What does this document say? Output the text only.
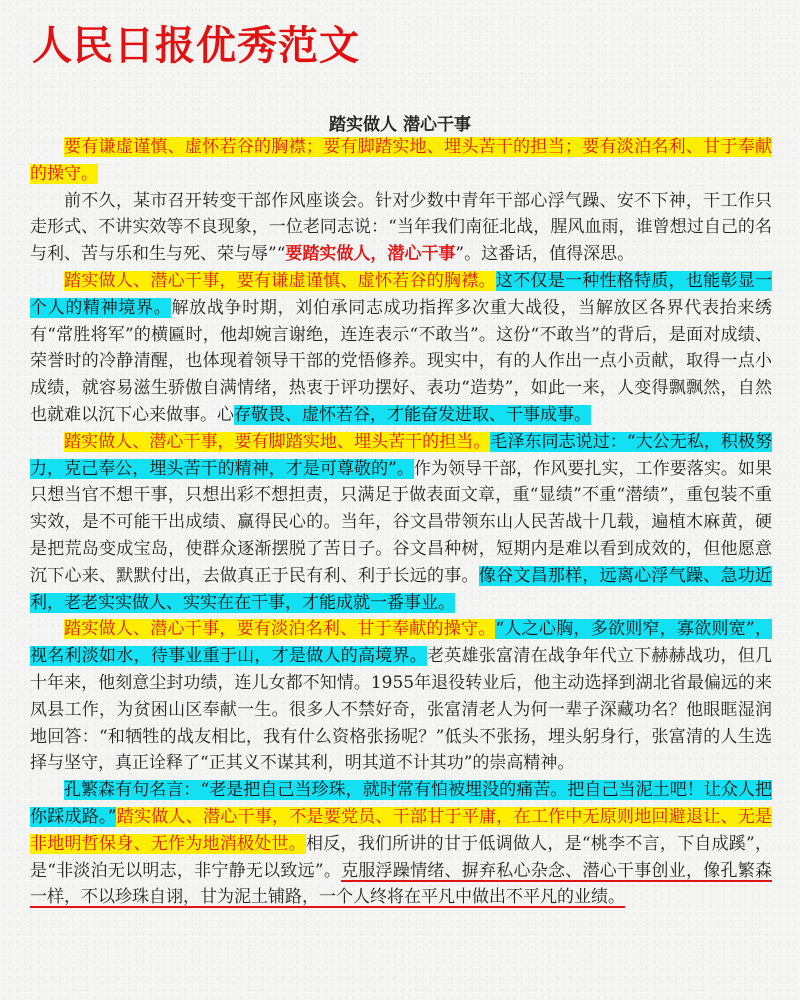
人民日报优秀范文
踏实做人 潜心干事

要有谦虚谨慎、虚怀若谷的胸襟；要有脚踏实地、埋头苦干的担当；要有淡泊名利、甘于奉献的操守。

前不久，某市召开转变干部作风座谈会。针对少数中青年干部心浮气躁、安不下神，干工作只走形式、不讲实效等不良现象，一位老同志说：“当年我们南征北战，腥风血雨，谁曾想过自己的名与利、苦与乐和生与死、荣与辱”“要踏实做人，潜心干事”。这番话，值得深思。

踏实做人、潜心干事，要有谦虚谨慎、虚怀若谷的胸襟。这不仅是一种性格特质，也能彰显一个人的精神境界。解放战争时期，刘伯承同志成功指挥多次重大战役，当解放区各界代表抬来绣有“常胜将军”的横匾时，他却婉言谢绝，连连表示“不敢当”。这份“不敢当”的背后，是面对成绩、荣誉时的冷静清醒，也体现着领导干部的党悟修养。现实中，有的人作出一点小贡献，取得一点小成绩，就容易滋生骄傲自满情绪，热衷于评功摆好、表功“造势”，如此一来，人变得飘飘然，自然也就难以沉下心来做事。心存敬畏、虚怀若谷，才能奋发进取、干事成事。

踏实做人、潜心干事，要有脚踏实地、埋头苦干的担当。毛泽东同志说过：“大公无私，积极努力，克己奉公，埋头苦干的精神，才是可尊敬的”。作为领导干部，作风要扎实，工作要落实。如果只想当官不想干事，只想出彩不想担责，只满足于做表面文章，重“显绩”不重“潜绩”，重包装不重实效，是不可能干出成绩、赢得民心的。当年，谷文昌带领东山人民苦战十几载，遍植木麻黄，硬是把荒岛变成宝岛，使群众逐渐摆脱了苦日子。谷文昌种树，短期内是难以看到成效的，但他愿意沉下心来、默默付出，去做真正于民有利、利于长远的事。像谷文昌那样，远离心浮气躁、急功近利，老老实实做人、实实在在干事，才能成就一番事业。

踏实做人、潜心干事，要有淡泊名利、甘于奉献的操守。“人之心胸，多欲则窄，寡欲则宽”，视名利淡如水，待事业重于山，才是做人的高境界。老英雄张富清在战争年代立下赫赫战功，但几十年来，他刻意尘封功绩，连儿女都不知情。1955年退役转业后，他主动选择到湖北省最偏远的来凤县工作，为贫困山区奉献一生。很多人不禁好奇，张富清老人为何一辈子深藏功名？他眼眶湿润地回答：“和牺牲的战友相比，我有什么资格张扬呢？”低头不张扬，埋头躬身行，张富清的人生选择与坚守，真正诠释了“正其义不谋其利，明其道不计其功”的崇高精神。

孔繁森有句名言：“老是把自己当珍珠，就时常有怕被埋没的痛苦。把自己当泥土吧！让众人把你踩成路。”踏实做人、潜心干事，不是要党员、干部甘于平庸，在工作中无原则地回避退让、无是非地明哲保身、无作为地消极处世。相反，我们所讲的甘于低调做人，是“桃李不言，下自成蹊”，是“非淡泊无以明志，非宁静无以致远”。克服浮躁情绪、摒弃私心杂念、潜心干事创业，像孔繁森一样，不以珍珠自诩，甘为泥土铺路，一个人终将在平凡中做出不平凡的业绩。
